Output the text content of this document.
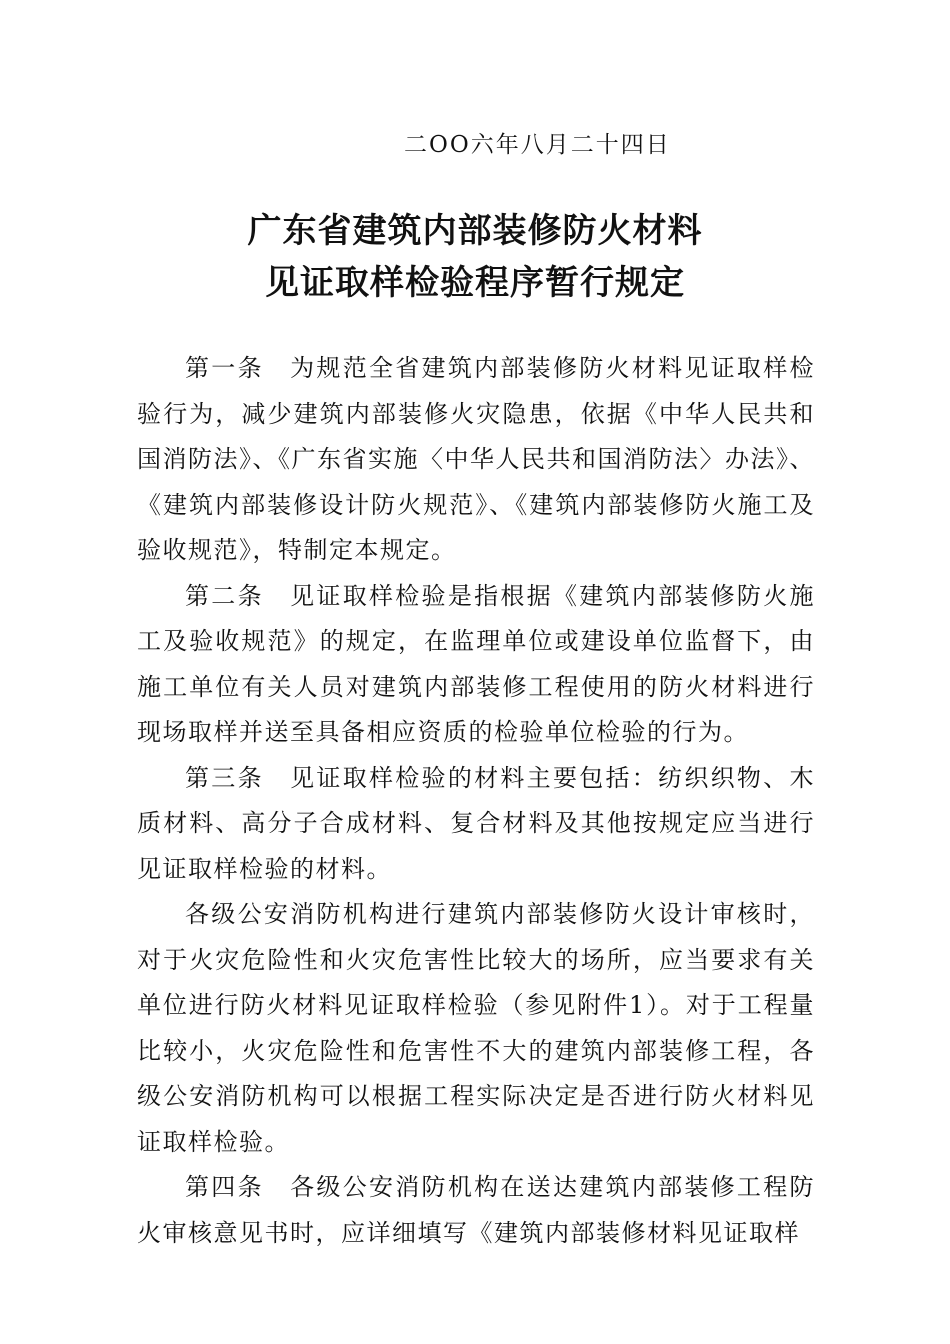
二OO六年八月二十四日
广东省建筑内部装修防火材料
见证取样检验程序暂行规定

第一条　为规范全省建筑内部装修防火材料见证取样检验行为，减少建筑内部装修火灾隐患，依据《中华人民共和国消防法》、《广东省实施〈中华人民共和国消防法〉办法》、《建筑内部装修设计防火规范》、《建筑内部装修防火施工及验收规范》，特制定本规定。

第二条　见证取样检验是指根据《建筑内部装修防火施工及验收规范》的规定，在监理单位或建设单位监督下，由施工单位有关人员对建筑内部装修工程使用的防火材料进行现场取样并送至具备相应资质的检验单位检验的行为。

第三条　见证取样检验的材料主要包括：纺织织物、木质材料、高分子合成材料、复合材料及其他按规定应当进行见证取样检验的材料。

各级公安消防机构进行建筑内部装修防火设计审核时，对于火灾危险性和火灾危害性比较大的场所，应当要求有关单位进行防火材料见证取样检验（参见附件1）。对于工程量比较小，火灾危险性和危害性不大的建筑内部装修工程，各级公安消防机构可以根据工程实际决定是否进行防火材料见证取样检验。

第四条　各级公安消防机构在送达建筑内部装修工程防火审核意见书时，应详细填写《建筑内部装修材料见证取样
